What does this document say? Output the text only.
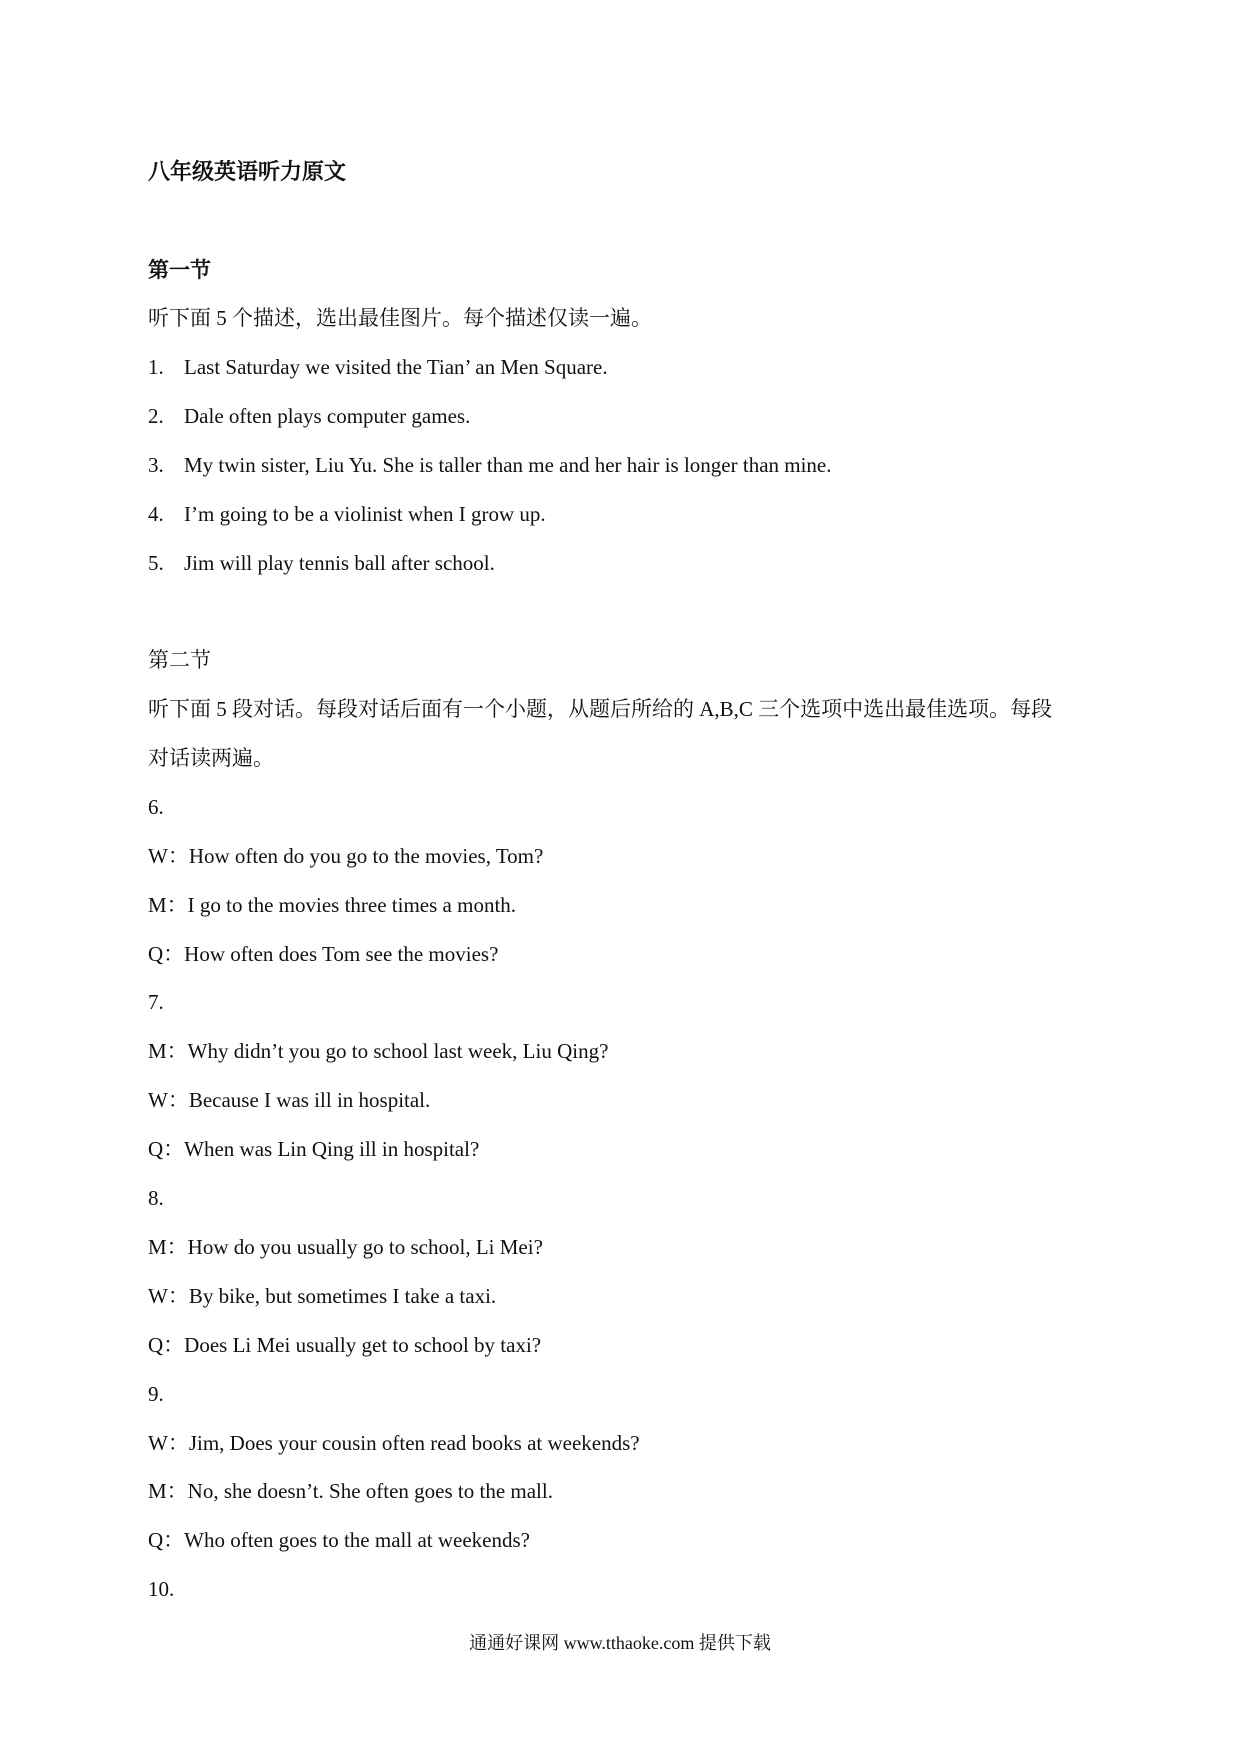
八年级英语听力原文
第一节
听下面 5 个描述，选出最佳图片。每个描述仅读一遍。
1. Last Saturday we visited the Tian’ an Men Square.
2. Dale often plays computer games.
3. My twin sister, Liu Yu. She is taller than me and her hair is longer than mine.
4. I’m going to be a violinist when I grow up.
5. Jim will play tennis ball after school.
第二节
听下面 5 段对话。每段对话后面有一个小题，从题后所给的 A,B,C 三个选项中选出最佳选项。每段
对话读两遍。
6.
W：How often do you go to the movies, Tom?
M：I go to the movies three times a month.
Q：How often does Tom see the movies?
7.
M：Why didn’t you go to school last week, Liu Qing?
W：Because I was ill in hospital.
Q：When was Lin Qing ill in hospital?
8.
M：How do you usually go to school, Li Mei?
W：By bike, but sometimes I take a taxi.
Q：Does Li Mei usually get to school by taxi?
9.
W：Jim, Does your cousin often read books at weekends?
M：No, she doesn’t. She often goes to the mall.
Q：Who often goes to the mall at weekends?
10.
通通好课网 www.tthaoke.com 提供下载
